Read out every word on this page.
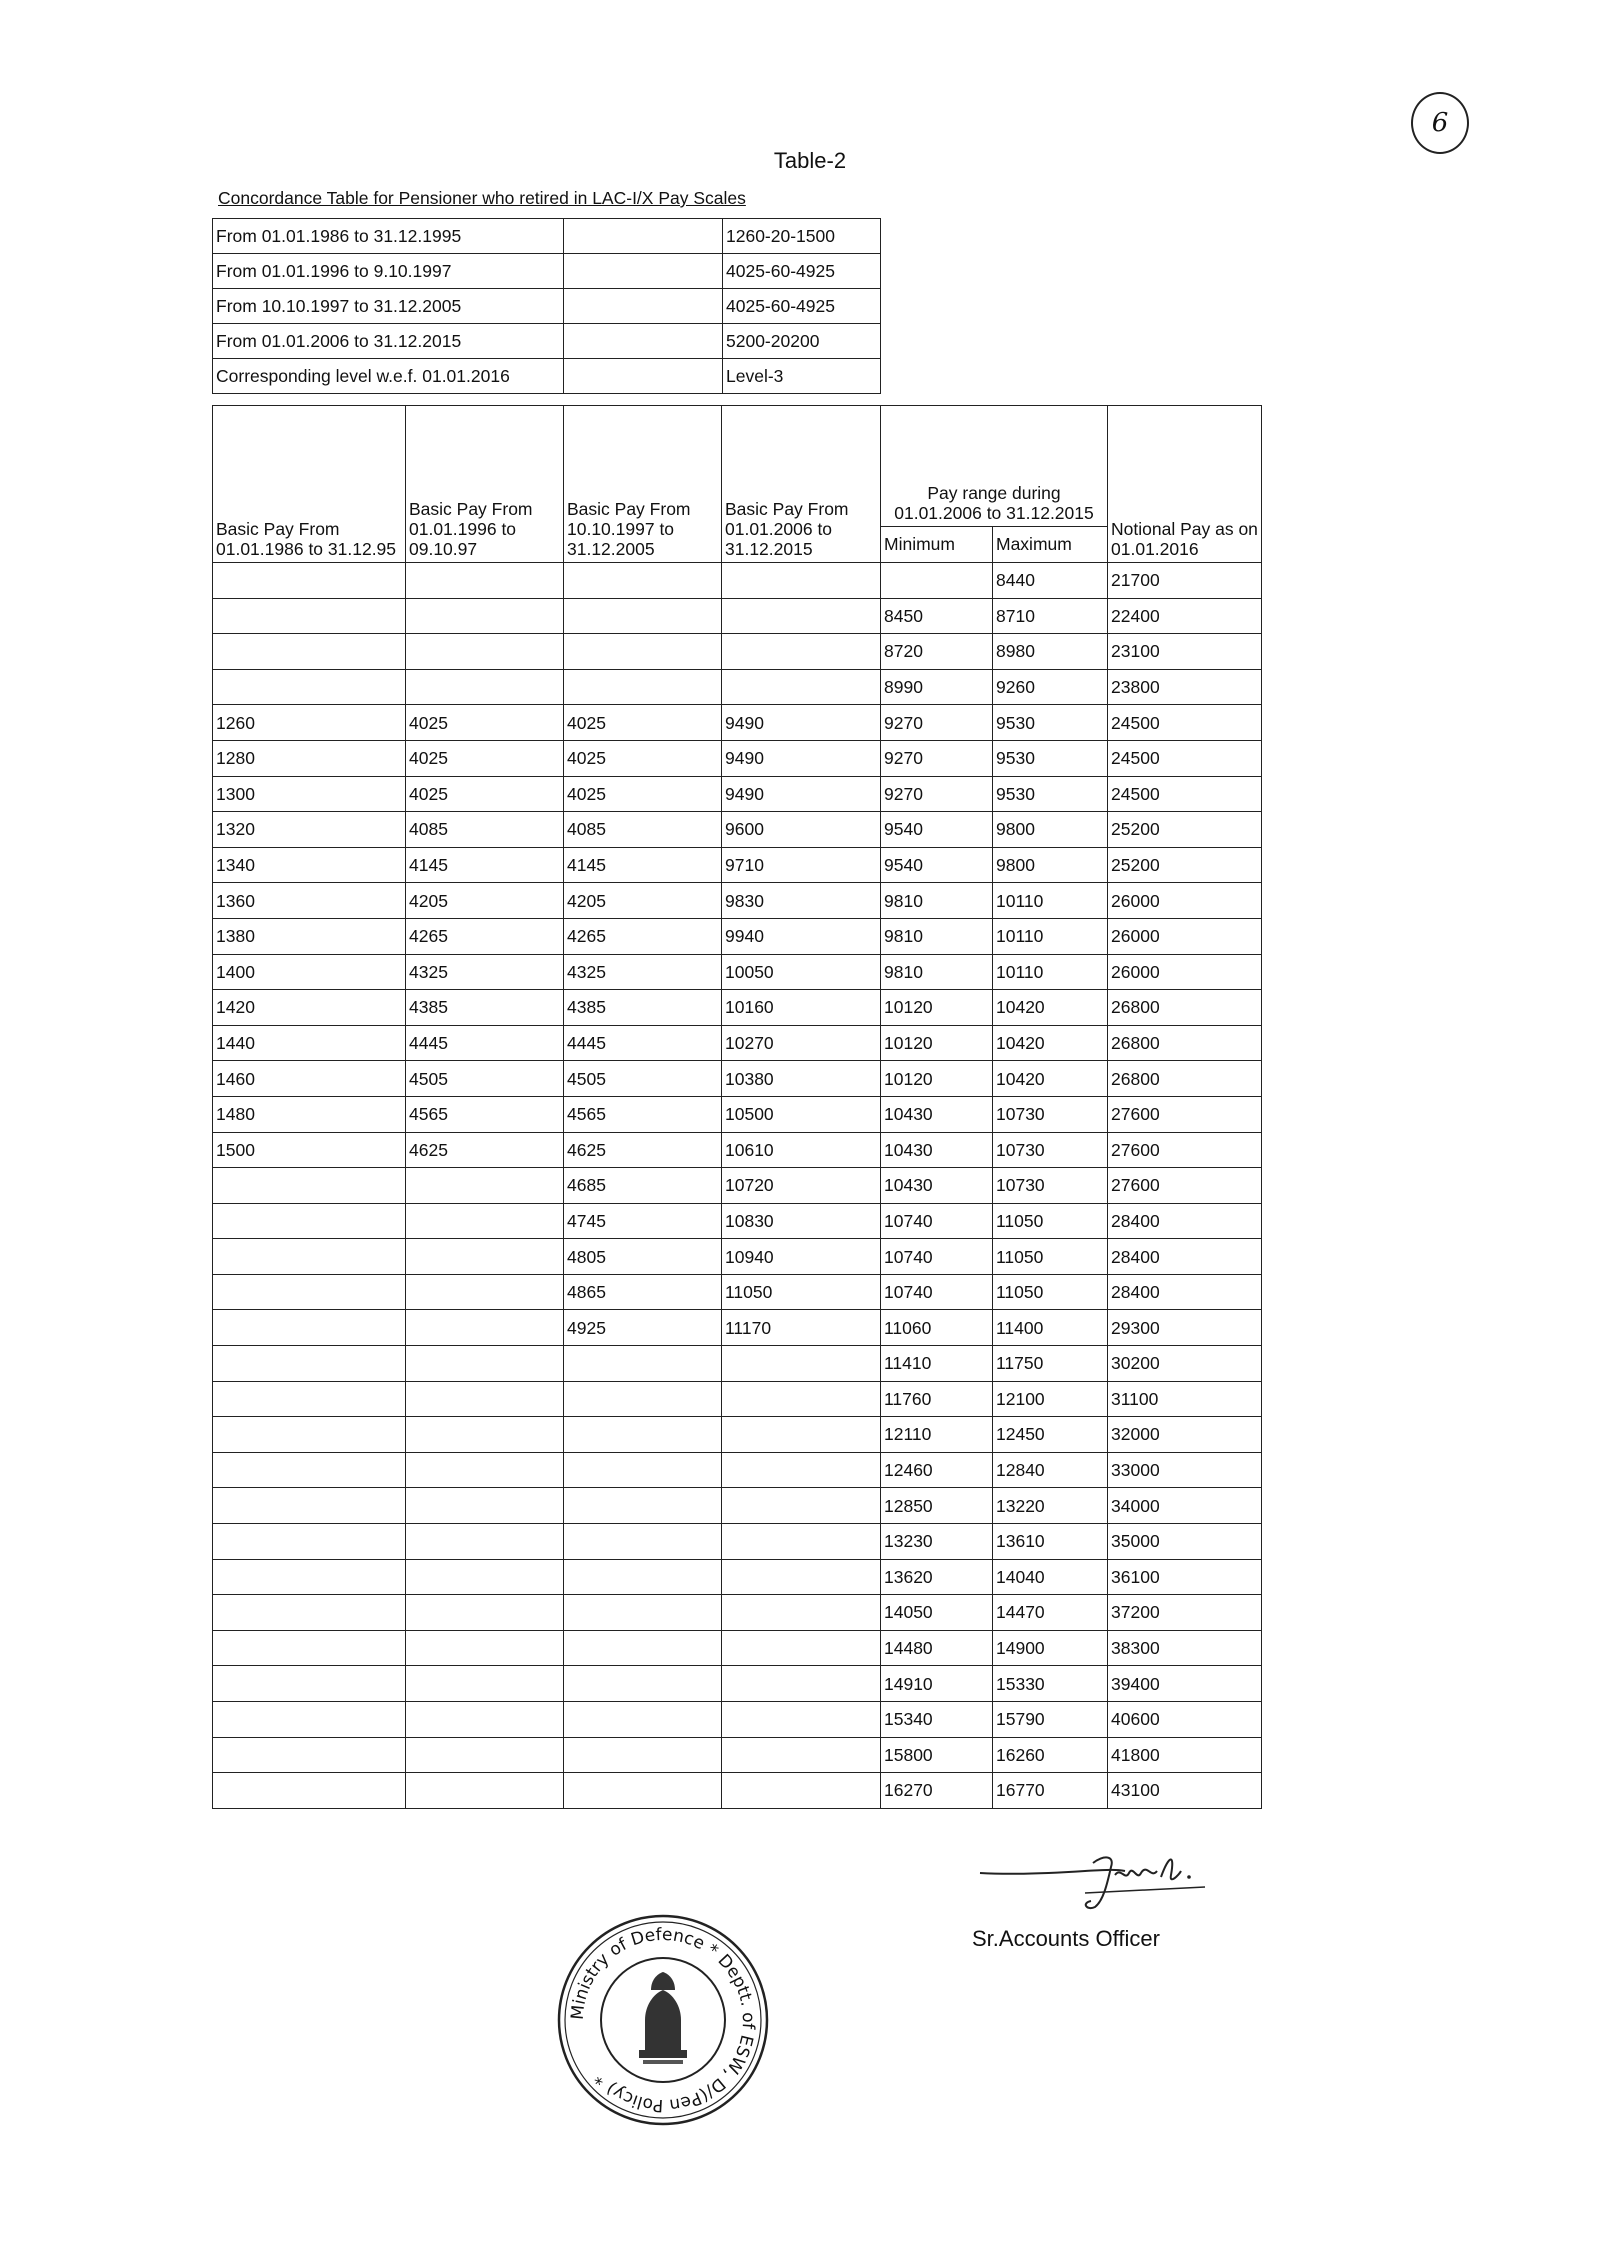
6
Table-2
Concordance Table for Pensioner who retired in LAC-I/X Pay Scales
From 01.01.1986 to 31.12.1995		1260-20-1500
From 01.01.1996 to 9.10.1997		4025-60-4925
From 10.10.1997 to 31.12.2005		4025-60-4925
From 01.01.2006 to 31.12.2015		5200-20200
Corresponding level w.e.f. 01.01.2016		Level-3
Basic Pay From 01.01.1986 to 31.12.95	Basic Pay From 01.01.1996 to 09.10.97	Basic Pay From 10.10.1997 to 31.12.2005	Basic Pay From 01.01.2006 to 31.12.2015	Pay range during 01.01.2006 to 31.12.2015		Notional Pay as on 01.01.2016
				Minimum	Maximum	
					8440	21700
				8450	8710	22400
				8720	8980	23100
				8990	9260	23800
1260	4025	4025	9490	9270	9530	24500
1280	4025	4025	9490	9270	9530	24500
1300	4025	4025	9490	9270	9530	24500
1320	4085	4085	9600	9540	9800	25200
1340	4145	4145	9710	9540	9800	25200
1360	4205	4205	9830	9810	10110	26000
1380	4265	4265	9940	9810	10110	26000
1400	4325	4325	10050	9810	10110	26000
1420	4385	4385	10160	10120	10420	26800
1440	4445	4445	10270	10120	10420	26800
1460	4505	4505	10380	10120	10420	26800
1480	4565	4565	10500	10430	10730	27600
1500	4625	4625	10610	10430	10730	27600
		4685	10720	10430	10730	27600
		4745	10830	10740	11050	28400
		4805	10940	10740	11050	28400
		4865	11050	10740	11050	28400
		4925	11170	11060	11400	29300
				11410	11750	30200
				11760	12100	31100
				12110	12450	32000
				12460	12840	33000
				12850	13220	34000
				13230	13610	35000
				13620	14040	36100
				14050	14470	37200
				14480	14900	38300
				14910	15330	39400
				15340	15790	40600
				15800	16260	41800
				16270	16770	43100
Sr.Accounts Officer
Ministry of Defence * Deptt. of ESW, D/(Pen Policy) *
